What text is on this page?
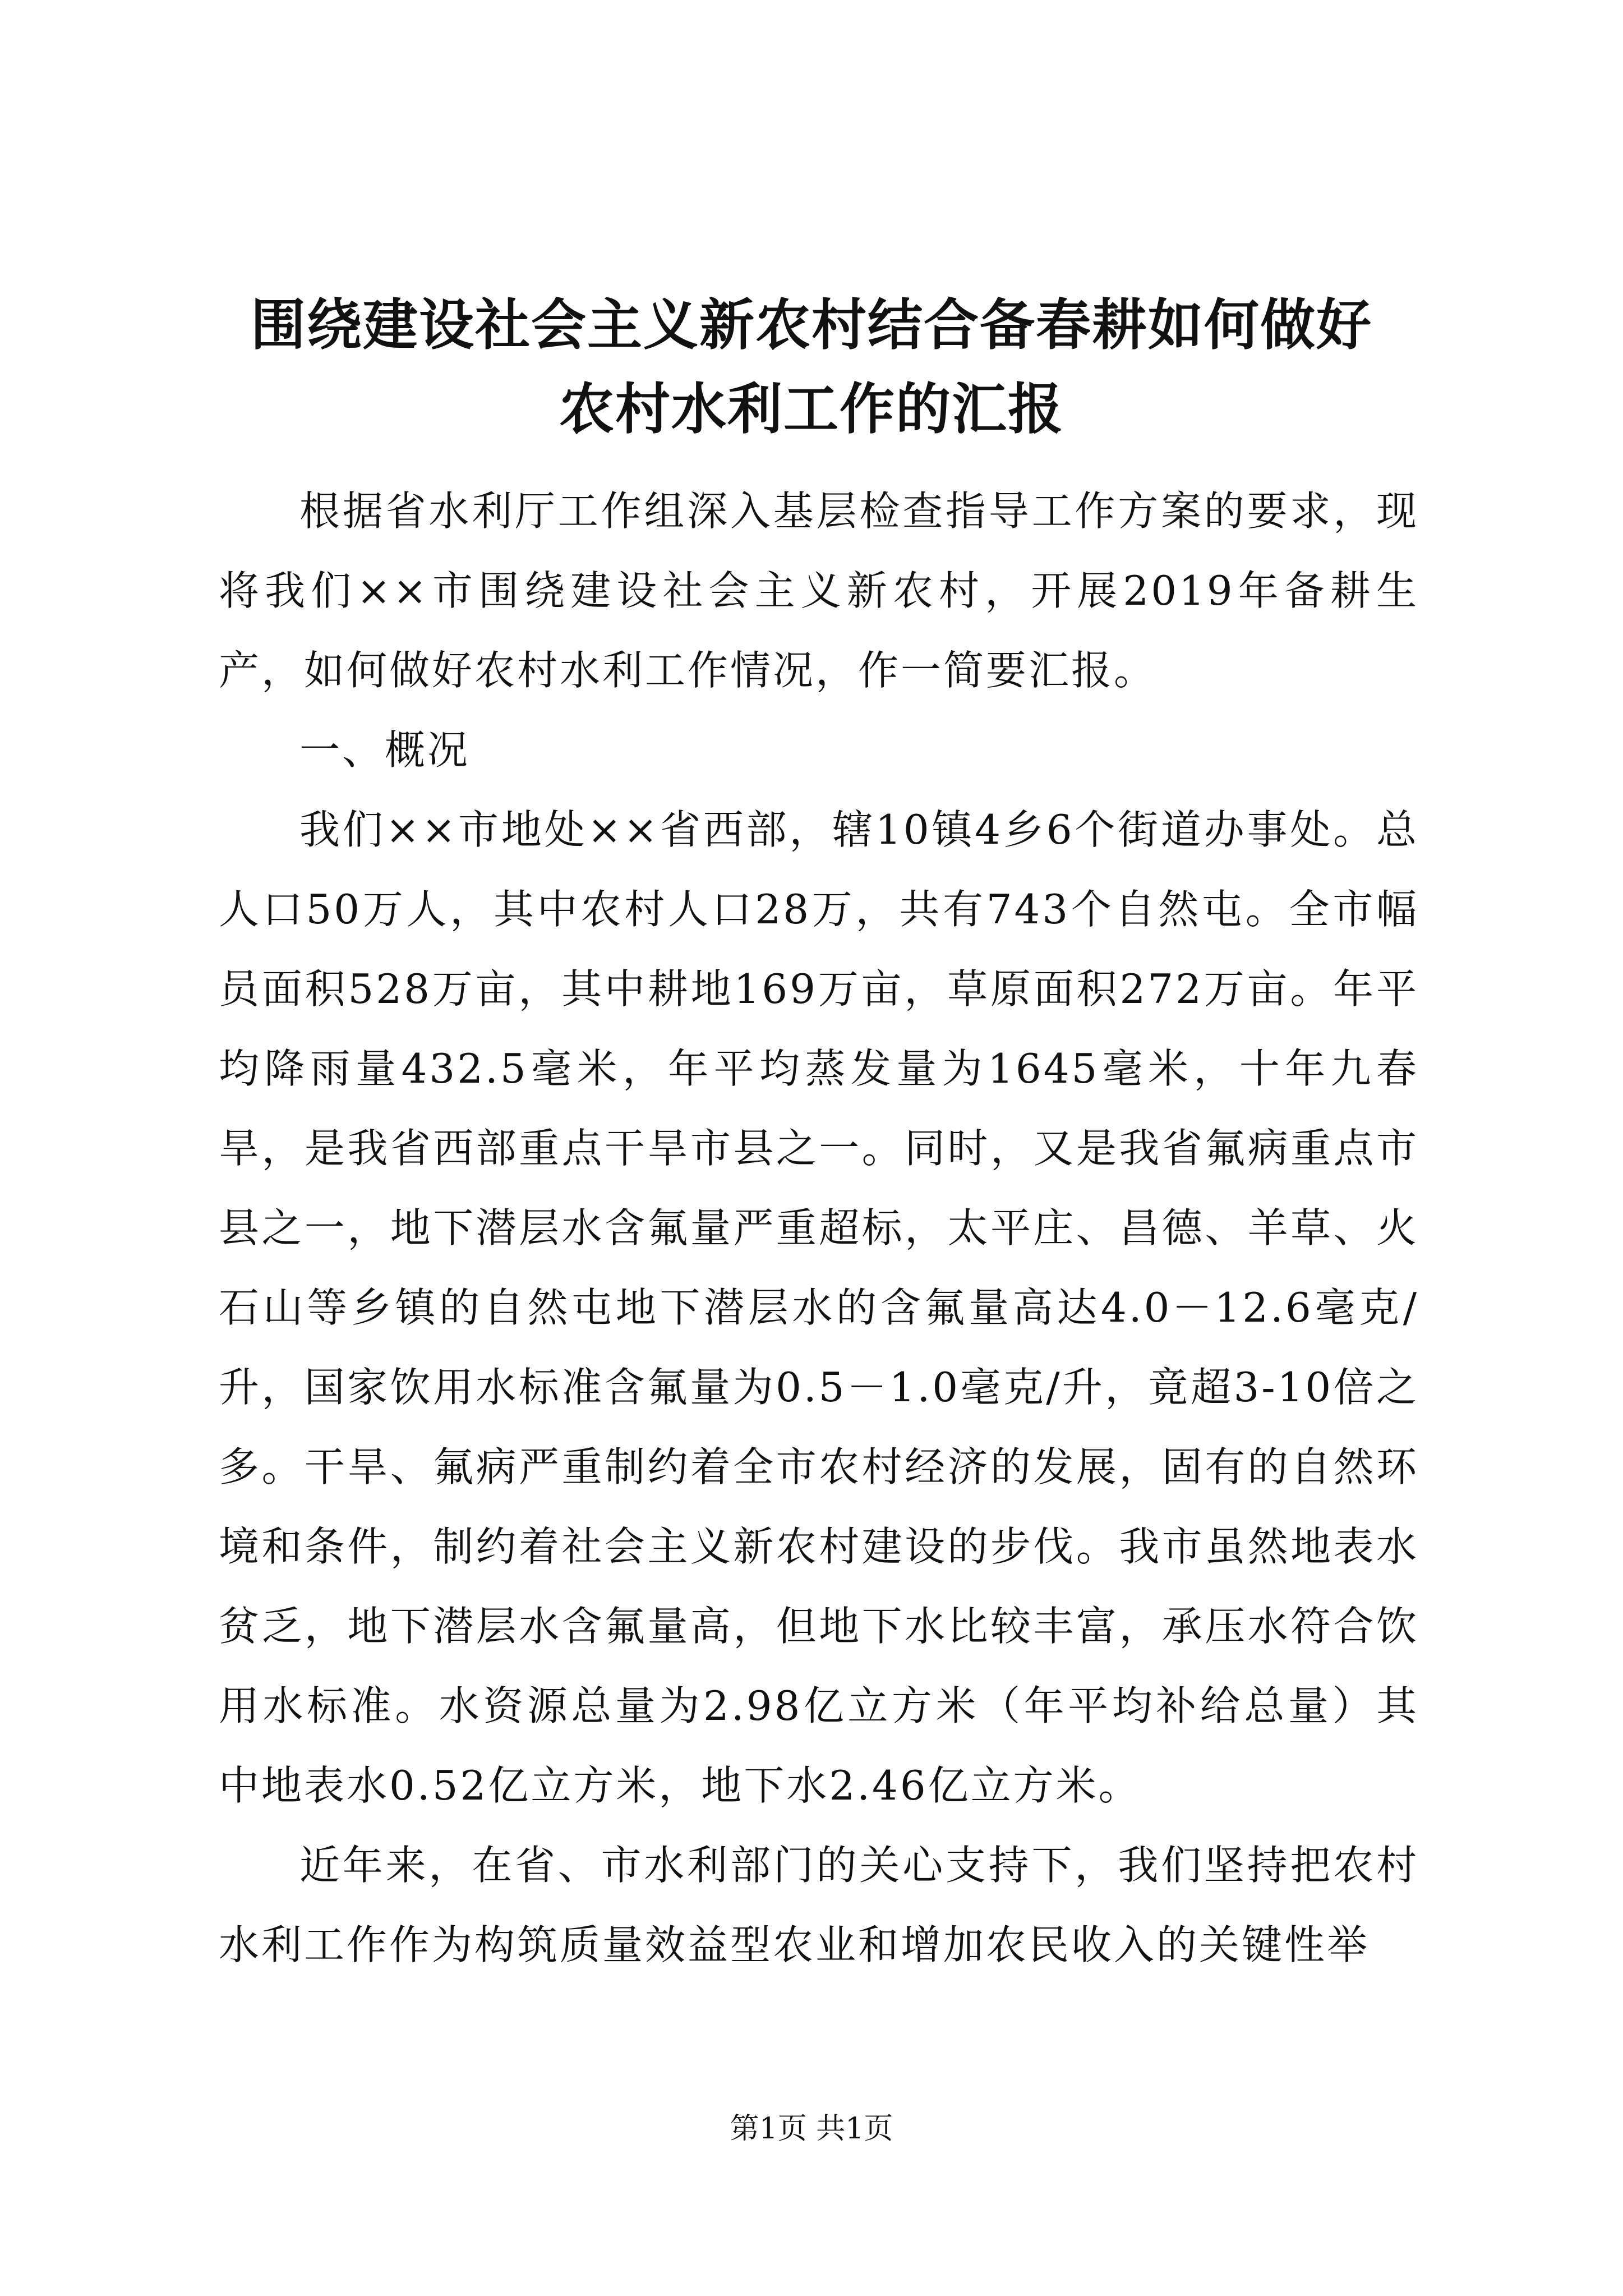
围绕建设社会主义新农村结合备春耕如何做好
农村水利工作的汇报

根据省水利厅工作组深入基层检查指导工作方案的要求，现将我们××市围绕建设社会主义新农村，开展2019年备耕生产，如何做好农村水利工作情况，作一简要汇报。

一、概况

我们××市地处××省西部，辖10镇4乡6个街道办事处。总人口50万人，其中农村人口28万，共有743个自然屯。全市幅员面积528万亩，其中耕地169万亩，草原面积272万亩。年平均降雨量432.5毫米，年平均蒸发量为1645毫米，十年九春旱，是我省西部重点干旱市县之一。同时，又是我省氟病重点市县之一，地下潜层水含氟量严重超标，太平庄、昌德、羊草、火石山等乡镇的自然屯地下潜层水的含氟量高达4.0－12.6毫克/升，国家饮用水标准含氟量为0.5－1.0毫克/升，竟超3-10倍之多。干旱、氟病严重制约着全市农村经济的发展，固有的自然环境和条件，制约着社会主义新农村建设的步伐。我市虽然地表水贫乏，地下潜层水含氟量高，但地下水比较丰富，承压水符合饮用水标准。水资源总量为2.98亿立方米（年平均补给总量）其中地表水0.52亿立方米，地下水2.46亿立方米。

近年来，在省、市水利部门的关心支持下，我们坚持把农村水利工作作为构筑质量效益型农业和增加农民收入的关键性举

第1页 共1页
